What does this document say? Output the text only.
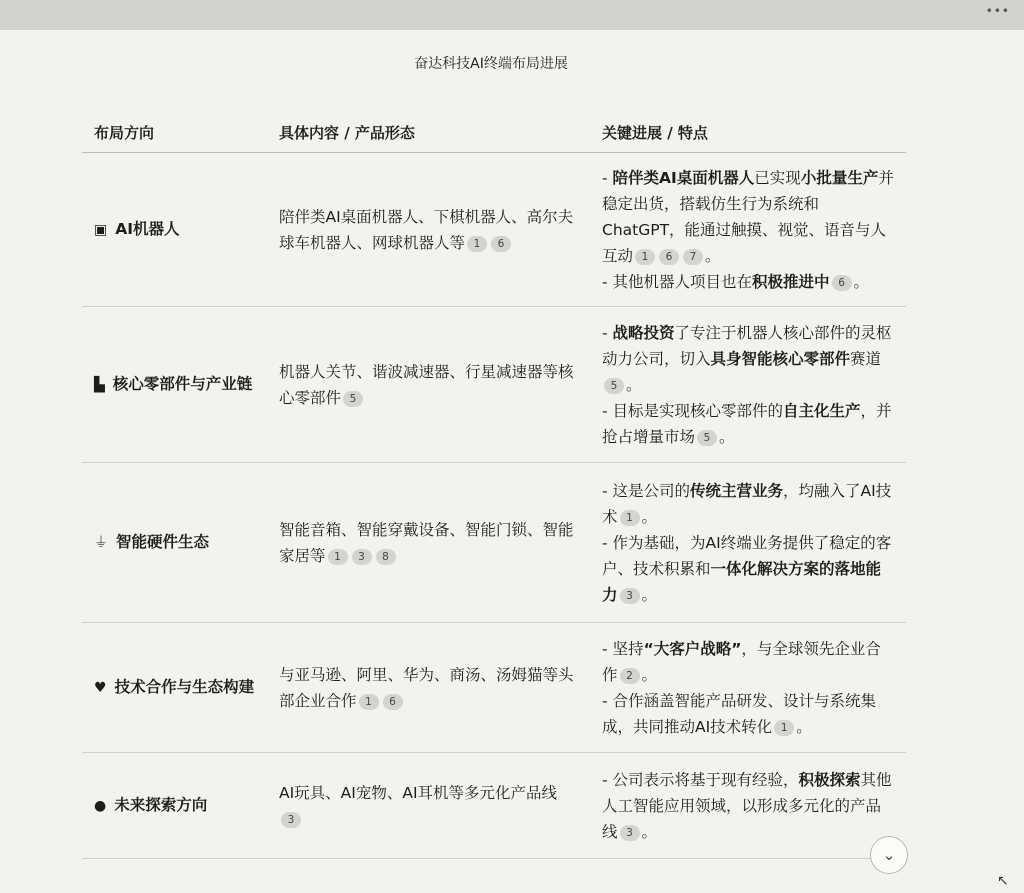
•••
奋达科技AI终端布局进展
布局方向	具体内容 / 产品形态	关键进展 / 特点
▣ AI机器人	陪伴类AI桌面机器人、下棋机器人、高尔夫球车机器人、网球机器人等 1 6	- 陪伴类AI桌面机器人已实现小批量生产并稳定出货，搭载仿生行为系统和ChatGPT，能通过触摸、视觉、语音与人互动 1 6 7 。
- 其他机器人项目也在积极推进中 6 。

▙ 核心零部件与产业链	机器人关节、谐波减速器、行星减速器等核心零部件 5	- 战略投资了专注于机器人核心部件的灵枢动力公司，切入具身智能核心零部件赛道5 。
- 目标是实现核心零部件的自主化生产，并抢占增量市场 5 。

⏚ 智能硬件生态	智能音箱、智能穿戴设备、智能门锁、智能家居等 1 3 8	- 这是公司的传统主营业务，均融入了AI技术 1 。
- 作为基础，为AI终端业务提供了稳定的客户、技术积累和一体化解决方案的落地能力 3 。

♥ 技术合作与生态构建	与亚马逊、阿里、华为、商汤、汤姆猫等头部企业合作 1 6	- 坚持“大客户战略”，与全球领先企业合作 2 。
- 合作涵盖智能产品研发、设计与系统集成，共同推动AI技术转化 1 。

● 未来探索方向	AI玩具、AI宠物、AI耳机等多元化产品线3	- 公司表示将基于现有经验，积极探索其他人工智能应用领域，以形成多元化的产品线 3 。
⌄
↖
